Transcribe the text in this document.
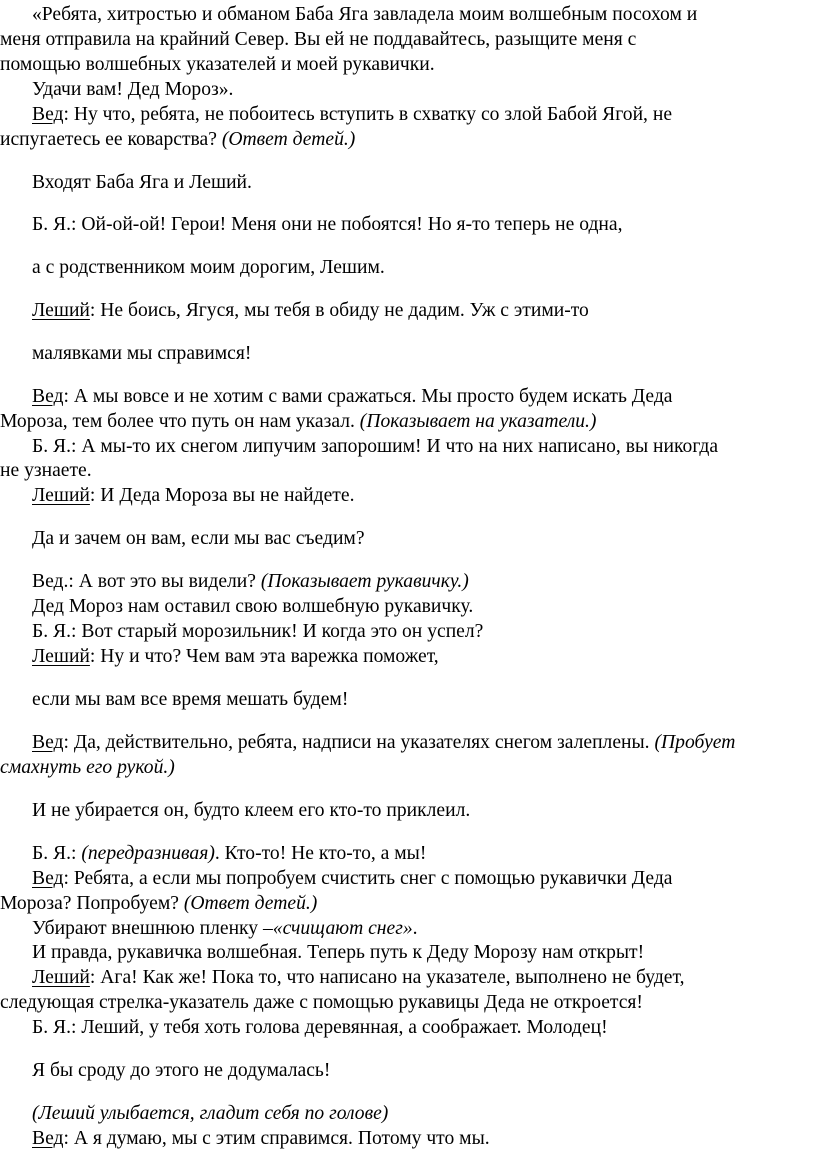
«Ребята, хитростью и обманом Баба Яга завладела моим волшебным посохом и
меня отправила на крайний Север. Вы ей не поддавайтесь, разыщите меня с
помощью волшебных указателей и моей рукавички.
Удачи вам! Дед Мороз».
Вед: Ну что, ребята, не побоитесь вступить в схватку со злой Бабой Ягой, не
испугаетесь ее коварства? (Ответ детей.)
Входят Баба Яга и Леший.
Б. Я.: Ой-ой-ой! Герои! Меня они не побоятся! Но я-то теперь не одна,
а с родственником моим дорогим, Лешим.
Леший: Не боись, Ягуся, мы тебя в обиду не дадим. Уж с этими-то
малявками мы справимся!
Вед: А мы вовсе и не хотим с вами сражаться. Мы просто будем искать Деда
Мороза, тем более что путь он нам указал. (Показывает на указатели.)
Б. Я.: А мы-то их снегом липучим запорошим! И что на них написано, вы никогда
не узнаете.
Леший: И Деда Мороза вы не найдете.
Да и зачем он вам, если мы вас съедим?
Вед.: А вот это вы видели? (Показывает рукавичку.)
Дед Мороз нам оставил свою волшебную рукавичку.
Б. Я.: Вот старый морозильник! И когда это он успел?
Леший: Ну и что? Чем вам эта варежка поможет,
если мы вам все время мешать будем!
Вед: Да, действительно, ребята, надписи на указателях снегом залеплены. (Пробует
смахнуть его рукой.)
И не убирается он, будто клеем его кто-то приклеил.
Б. Я.: (передразнивая). Кто-то! Не кто-то, а мы!
Вед: Ребята, а если мы попробуем счистить снег с помощью рукавички Деда
Мороза? Попробуем? (Ответ детей.)
Убирают внешнюю пленку –«счищают снег».
И правда, рукавичка волшебная. Теперь путь к Деду Морозу нам открыт!
Леший: Ага! Как же! Пока то, что написано на указателе, выполнено не будет,
следующая стрелка-указатель даже с помощью рукавицы Деда не откроется!
Б. Я.: Леший, у тебя хоть голова деревянная, а соображает. Молодец!
Я бы сроду до этого не додумалась!
(Леший улыбается, гладит себя по голове)
Вед: А я думаю, мы с этим справимся. Потому что мы.
